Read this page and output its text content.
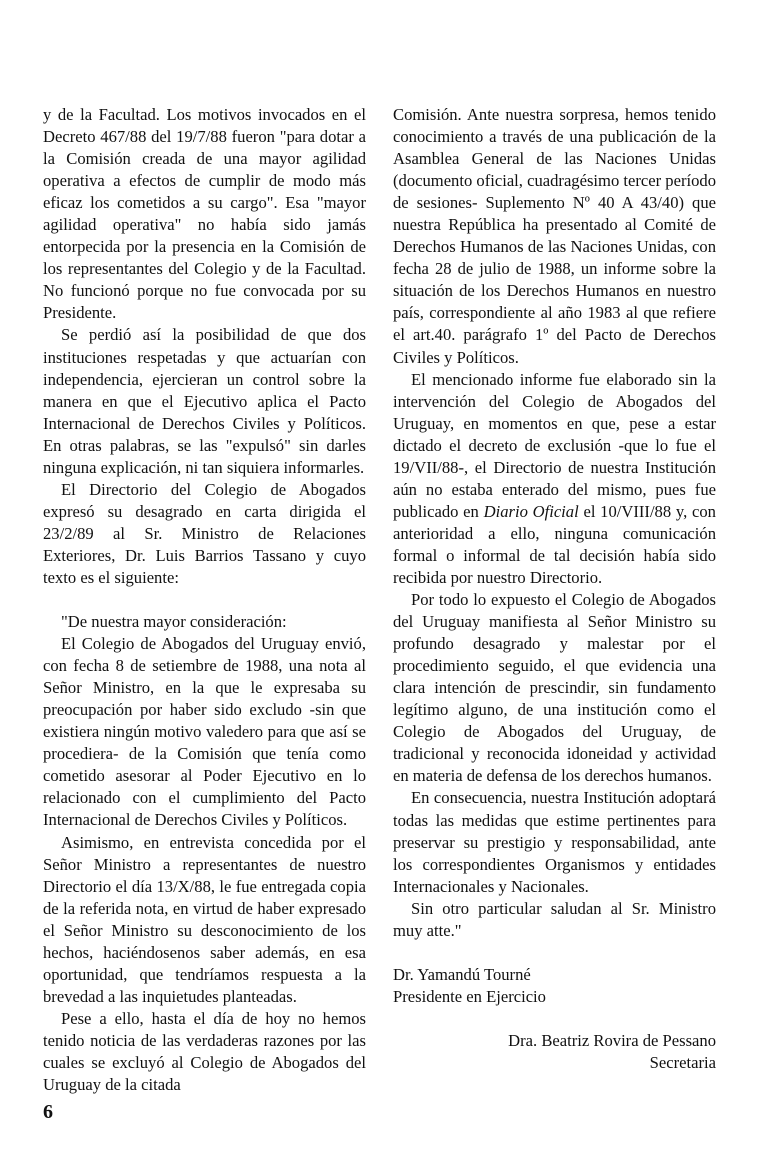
y de la Facultad. Los motivos invocados en el Decreto 467/88 del 19/7/88 fueron "para dotar a la Comisión creada de una mayor agilidad operativa a efectos de cumplir de modo más eficaz los cometidos a su cargo". Esa "mayor agilidad operativa" no había sido jamás entorpecida por la presencia en la Comisión de los representantes del Colegio y de la Facultad. No funcionó porque no fue convocada por su Presidente.

Se perdió así la posibilidad de que dos instituciones respetadas y que actuarían con independencia, ejercieran un control sobre la manera en que el Ejecutivo aplica el Pacto Internacional de Derechos Civiles y Políticos. En otras palabras, se las "expulsó" sin darles ninguna explicación, ni tan siquiera informarles.

El Directorio del Colegio de Abogados expresó su desagrado en carta dirigida el 23/2/89 al Sr. Ministro de Relaciones Exteriores, Dr. Luis Barrios Tassano y cuyo texto es el siguiente:

"De nuestra mayor consideración:

El Colegio de Abogados del Uruguay envió, con fecha 8 de setiembre de 1988, una nota al Señor Ministro, en la que le expresaba su preocupación por haber sido excludo -sin que existiera ningún motivo valedero para que así se procediera- de la Comisión que tenía como cometido asesorar al Poder Ejecutivo en lo relacionado con el cumplimiento del Pacto Internacional de Derechos Civiles y Políticos.

Asimismo, en entrevista concedida por el Señor Ministro a representantes de nuestro Directorio el día 13/X/88, le fue entregada copia de la referida nota, en virtud de haber expresado el Señor Ministro su desconocimiento de los hechos, haciéndosenos saber además, en esa oportunidad, que tendríamos respuesta a la brevedad a las inquietudes planteadas.

Pese a ello, hasta el día de hoy no hemos tenido noticia de las verdaderas razones por las cuales se excluyó al Colegio de Abogados del Uruguay de la citada

Comisión. Ante nuestra sorpresa, hemos tenido conocimiento a través de una publicación de la Asamblea General de las Naciones Unidas (documento oficial, cuadragésimo tercer período de sesiones- Suplemento Nº 40 A 43/40) que nuestra República ha presentado al Comité de Derechos Humanos de las Naciones Unidas, con fecha 28 de julio de 1988, un informe sobre la situación de los Derechos Humanos en nuestro país, correspondiente al año 1983 al que refiere el art.40. parágrafo 1º del Pacto de Derechos Civiles y Políticos.

El mencionado informe fue elaborado sin la intervención del Colegio de Abogados del Uruguay, en momentos en que, pese a estar dictado el decreto de exclusión -que lo fue el 19/VII/88-, el Directorio de nuestra Institución aún no estaba enterado del mismo, pues fue publicado en Diario Oficial el 10/VIII/88 y, con anterioridad a ello, ninguna comunicación formal o informal de tal decisión había sido recibida por nuestro Directorio.

Por todo lo expuesto el Colegio de Abogados del Uruguay manifiesta al Señor Ministro su profundo desagrado y malestar por el procedimiento seguido, el que evidencia una clara intención de prescindir, sin fundamento legítimo alguno, de una institución como el Colegio de Abogados del Uruguay, de tradicional y reconocida idoneidad y actividad en materia de defensa de los derechos humanos.

En consecuencia, nuestra Institución adoptará todas las medidas que estime pertinentes para preservar su prestigio y responsabilidad, ante los correspondientes Organismos y entidades Internacionales y Nacionales.

Sin otro particular saludan al Sr. Ministro muy atte."

Dr. Yamandú Tourné
Presidente en Ejercicio
Dra. Beatriz Rovira de Pessano
Secretaria
6
